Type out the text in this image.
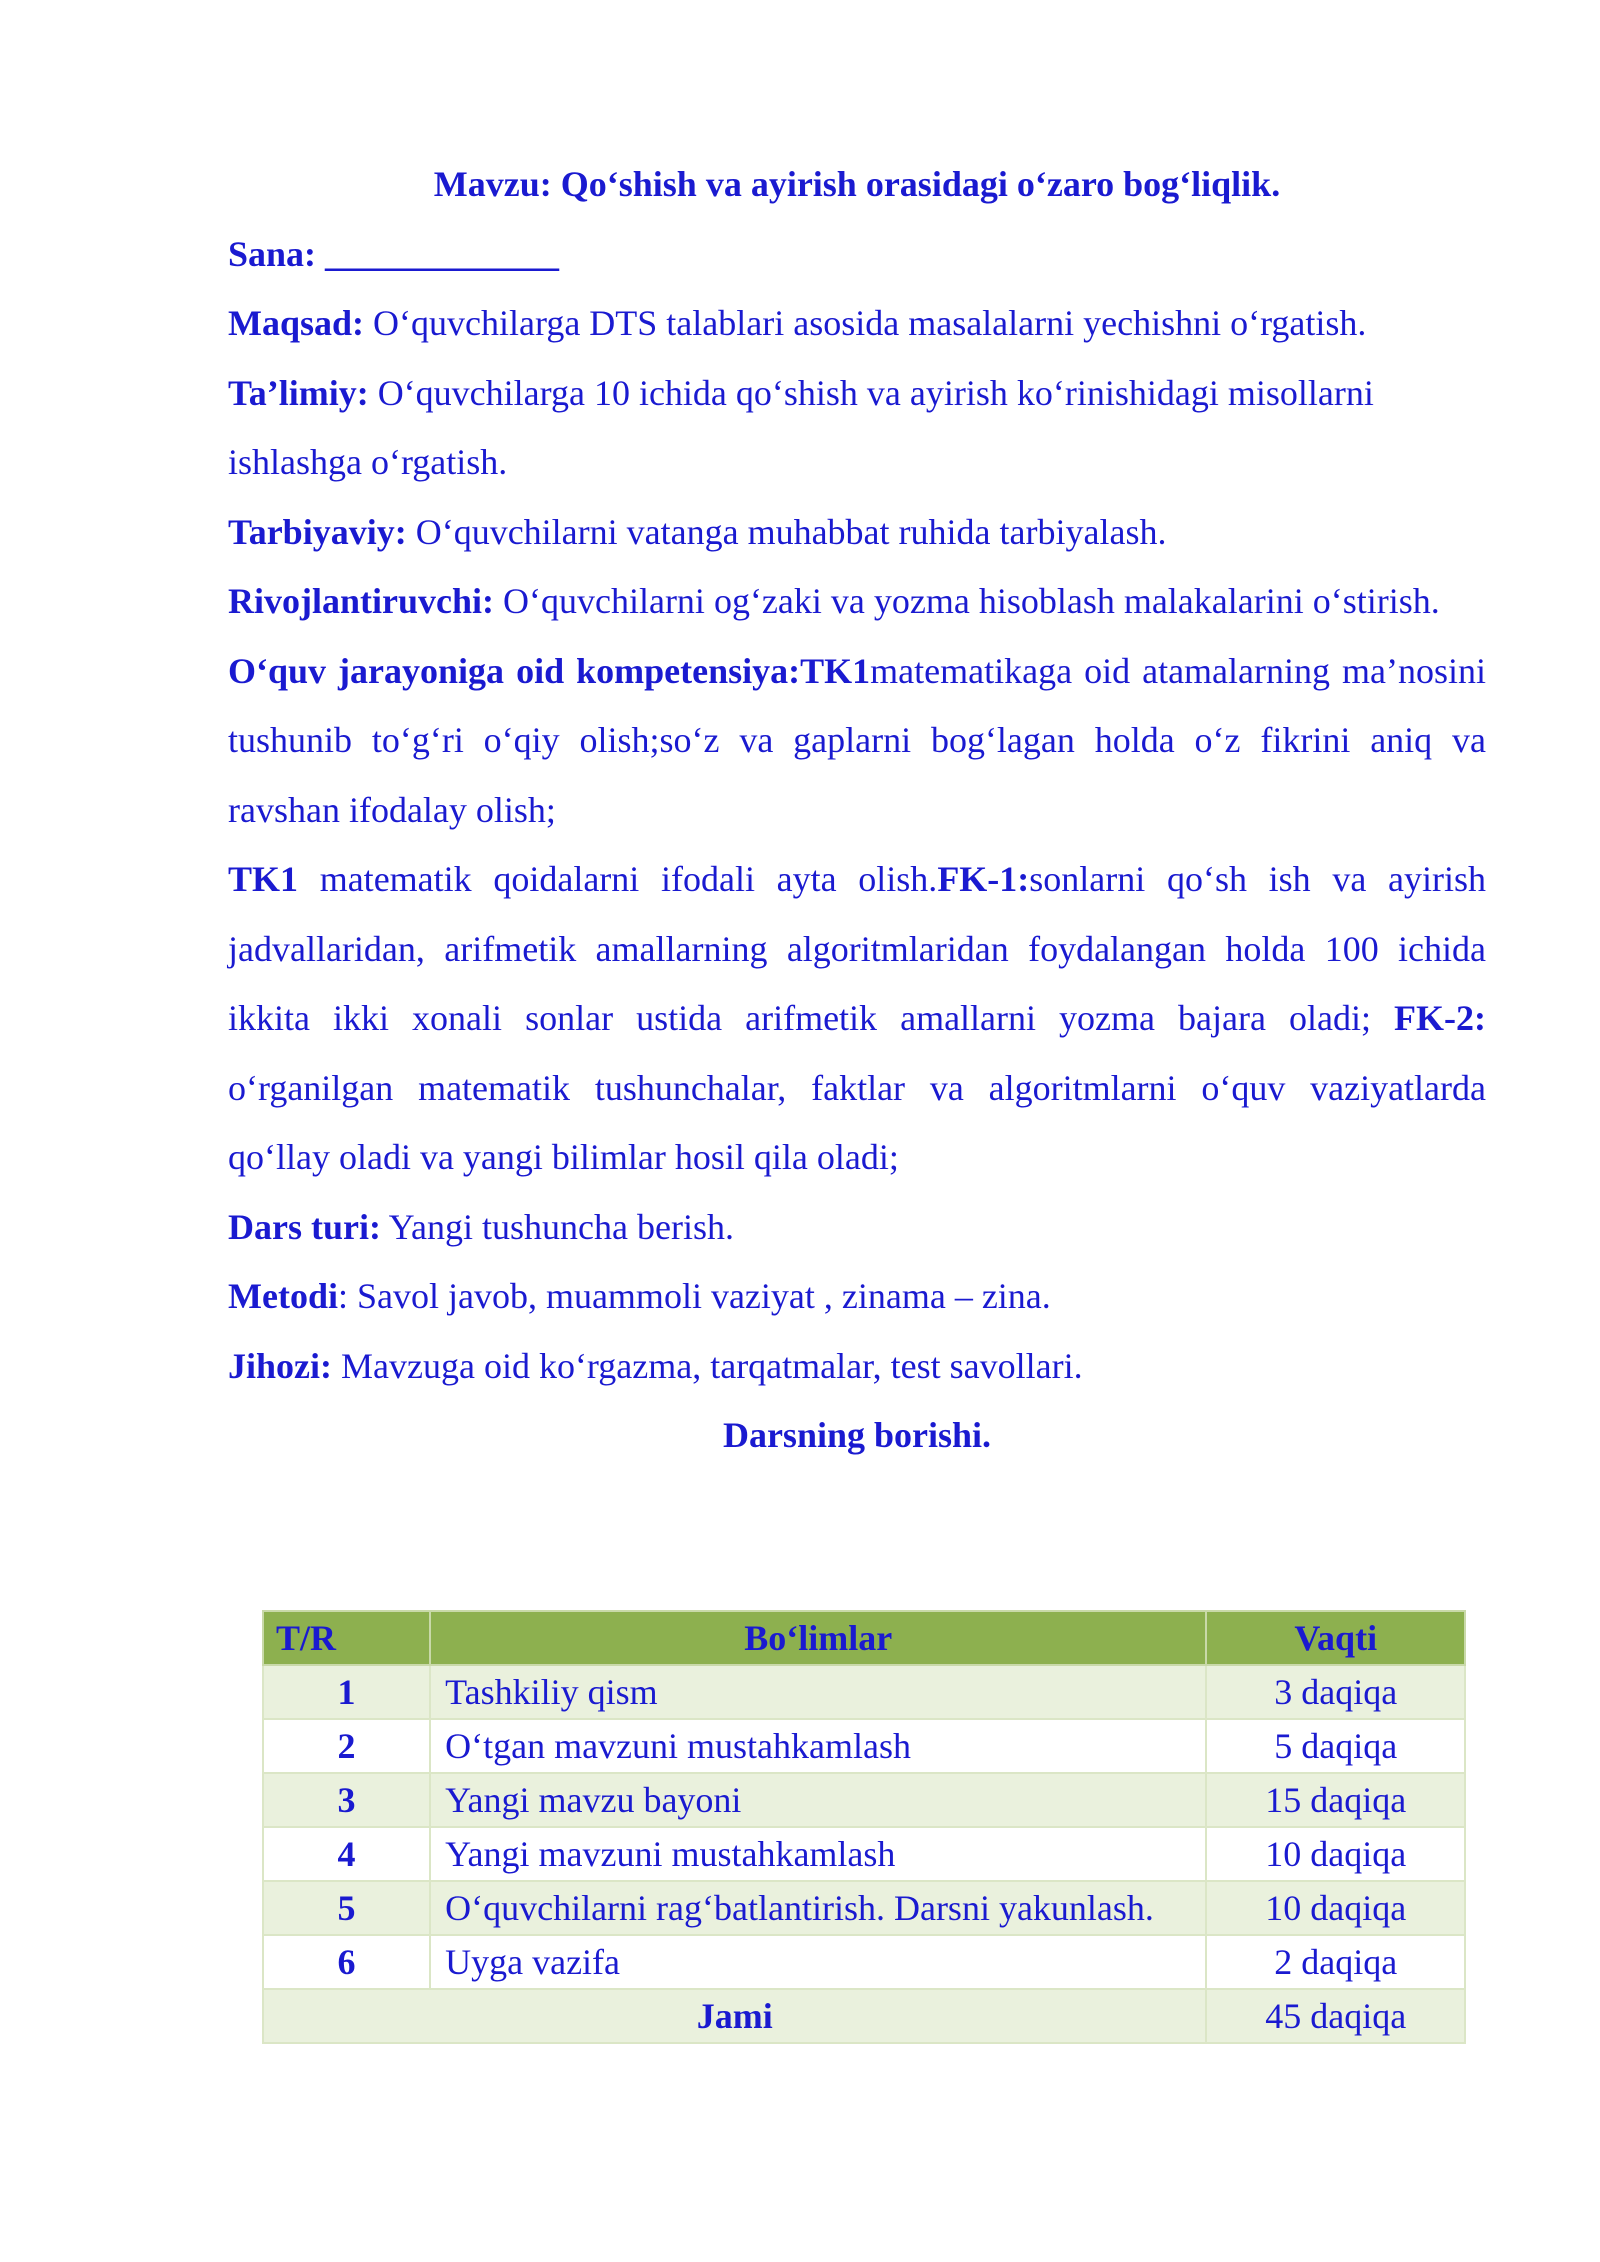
Mavzu: Qo‘shish va ayirish orasidagi o‘zaro bog‘liqlik.

Sana: _____________

Maqsad: O‘quvchilarga DTS talablari asosida masalalarni yechishni o‘rgatish.

Ta’limiy: O‘quvchilarga 10 ichida qo‘shish va ayirish ko‘rinishidagi misollarni ishlashga o‘rgatish.

Tarbiyaviy: O‘quvchilarni vatanga muhabbat ruhida tarbiyalash.

Rivojlantiruvchi: O‘quvchilarni og‘zaki va yozma hisoblash malakalarini o‘stirish.

O‘quv jarayoniga oid kompetensiya:TK1matematikaga oid atamalarning ma’nosini tushunib to‘g‘ri o‘qiy olish;so‘z va gaplarni bog‘lagan holda o‘z fikrini aniq va ravshan ifodalay olish;

TK1 matematik qoidalarni ifodali ayta olish.FK-1:sonlarni qo‘sh ish va ayirish jadvallaridan, arifmetik amallarning algoritmlaridan foydalangan holda 100 ichida ikkita ikki xonali sonlar ustida arifmetik amallarni yozma bajara oladi; FK-2: o‘rganilgan matematik tushunchalar, faktlar va algoritmlarni o‘quv vaziyatlarda qo‘llay oladi va yangi bilimlar hosil qila oladi;

Dars turi: Yangi tushuncha berish.

Metodi: Savol javob, muammoli vaziyat , zinama – zina.

Jihozi: Mavzuga oid ko‘rgazma, tarqatmalar, test savollari.

Darsning borishi.
T/R	Bo‘limlar	Vaqti
1	Tashkiliy qism	3 daqiqa
2	O‘tgan mavzuni mustahkamlash	5 daqiqa
3	Yangi mavzu bayoni	15 daqiqa
4	Yangi mavzuni mustahkamlash	10 daqiqa
5	O‘quvchilarni rag‘batlantirish. Darsni yakunlash.	10 daqiqa
6	Uyga vazifa	2 daqiqa
Jami		45 daqiqa
